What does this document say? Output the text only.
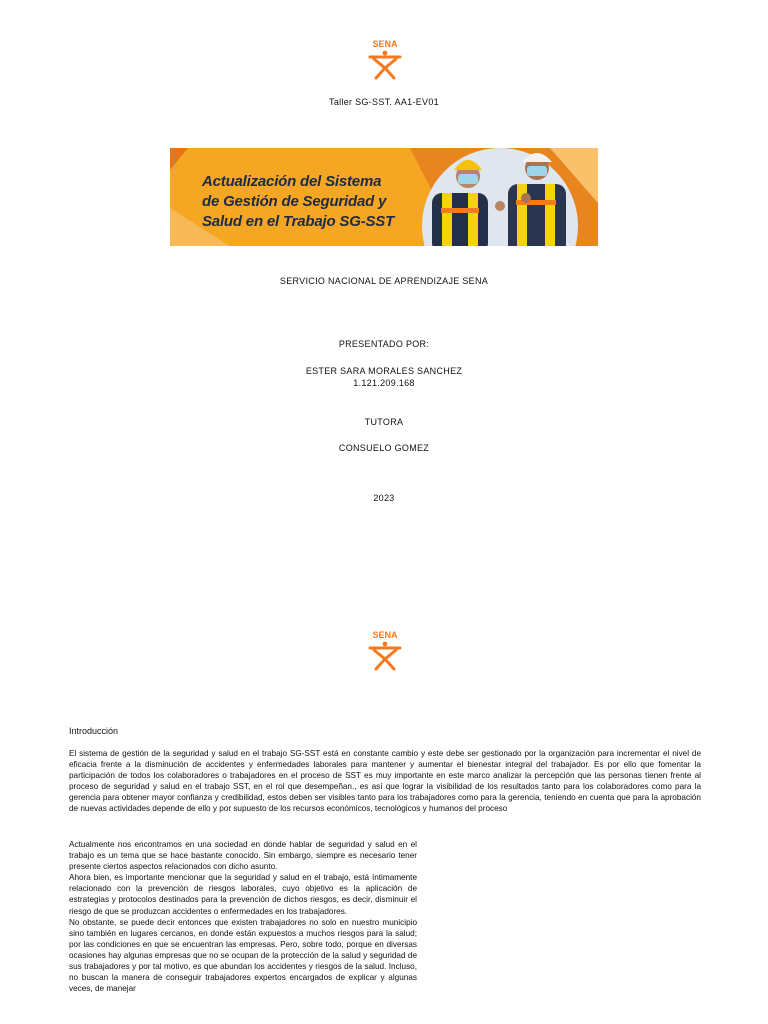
SENA
Taller SG-SST. AA1-EV01
Actualización del Sistema
de Gestión de Seguridad y
Salud en el Trabajo SG-SST
SERVICIO NACIONAL DE APRENDIZAJE SENA
PRESENTADO POR:
ESTER SARA MORALES SANCHEZ
1.121.209.168
TUTORA
CONSUELO GOMEZ
2023
SENA
Introducción
El sistema de gestión de la seguridad y salud en el trabajo SG-SST está en constante cambio y este debe ser gestionado por la organización para incrementar el nivel de eficacia frente a la disminución de accidentes y enfermedades laborales para mantener y aumentar el bienestar integral del trabajador. Es por ello que fomentar la participación de todos los colaboradores o trabajadores en el proceso de SST es muy importante en este marco analizar la percepción que las personas tienen frente al proceso de seguridad y salud en el trabajo SST, en el rol que desempeñan., es así que lograr la visibilidad de los resultados tanto para los colaboradores como para la gerencia para obtener mayor confianza y credibilidad, estos deben ser visibles tanto para los trabajadores como para la gerencia, teniendo en cuenta que para la aprobación de nuevas actividades depende de ello y por supuesto de los recursos económicos, tecnológicos y humanos del proceso

Actualmente nos encontramos en una sociedad en donde hablar de seguridad y salud en el trabajo es un tema que se hace bastante conocido. Sin embargo, siempre es necesario tener presente ciertos aspectos relacionados con dicho asunto.

Ahora bien, es importante mencionar que la seguridad y salud en el trabajo, está íntimamente relacionado con la prevención de riesgos laborales, cuyo objetivo es la aplicación de estrategias y protocolos destinados para la prevención de dichos riesgos, es decir, disminuir el riesgo de que se produzcan accidentes o enfermedades en los trabajadores.

No obstante, se puede decir entonces que existen trabajadores no solo en nuestro municipio sino también en lugares cercanos, en donde están expuestos a muchos riesgos para la salud; por las condiciones en que se encuentran las empresas. Pero, sobre todo, porque en diversas ocasiones hay algunas empresas que no se ocupan de la protección de la salud y seguridad de sus trabajadores y por tal motivo, es que abundan los accidentes y riesgos de la salud. Incluso, no buscan la manera de conseguir trabajadores expertos encargados de explicar y algunas veces, de manejar
